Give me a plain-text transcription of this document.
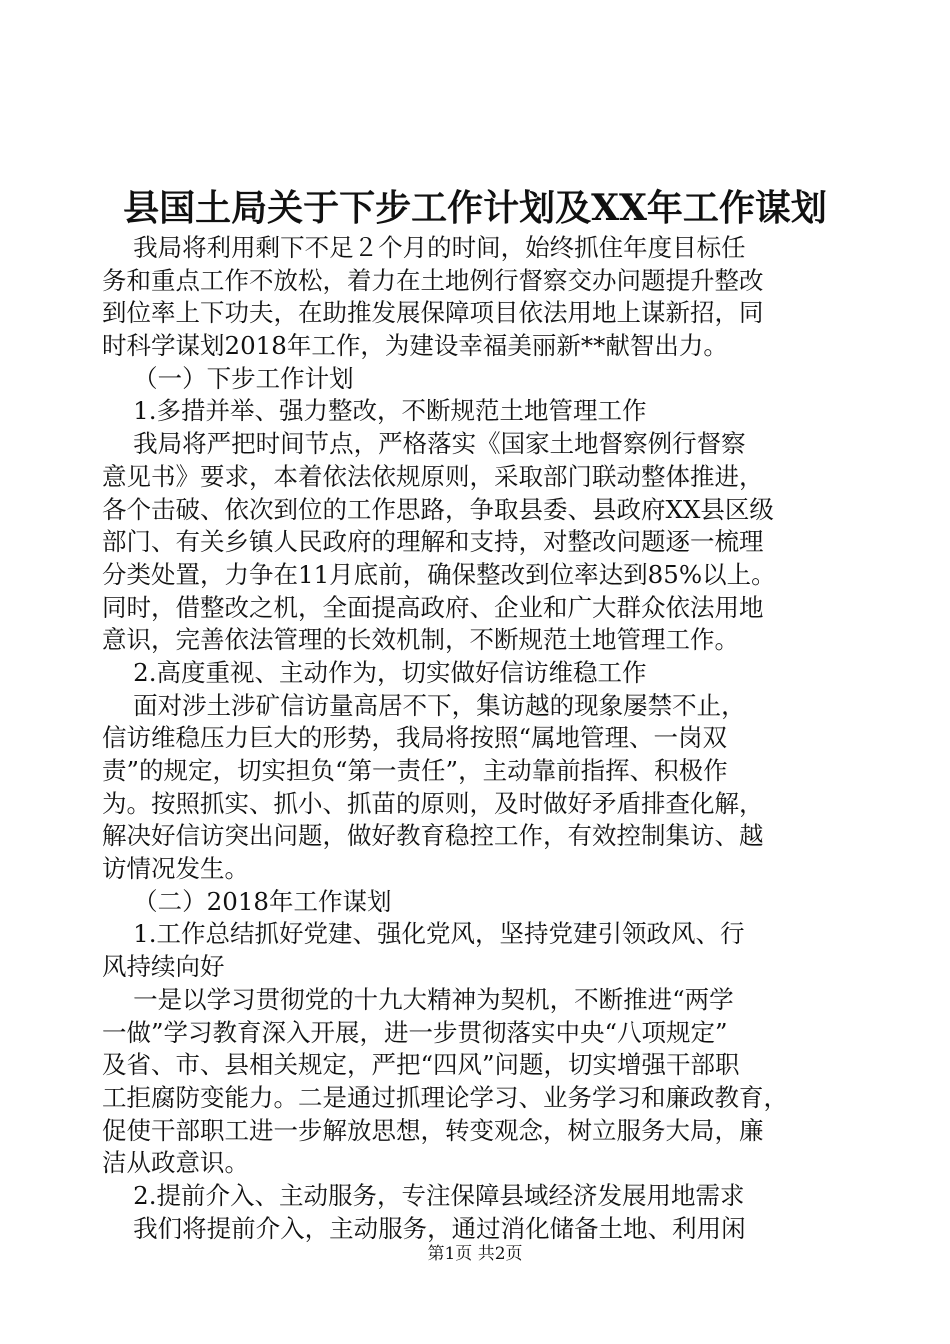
县国土局关于下步工作计划及XX年工作谋划
我局将利用剩下不足２个月的时间，始终抓住年度目标任
务和重点工作不放松，着力在土地例行督察交办问题提升整改
到位率上下功夫，在助推发展保障项目依法用地上谋新招，同
时科学谋划2018年工作，为建设幸福美丽新**献智出力。
（一）下步工作计划
1.多措并举、强力整改，不断规范土地管理工作
我局将严把时间节点，严格落实《国家土地督察例行督察
意见书》要求，本着依法依规原则，采取部门联动整体推进，
各个击破、依次到位的工作思路，争取县委、县政府XX县区级
部门、有关乡镇人民政府的理解和支持，对整改问题逐一梳理
分类处置，力争在11月底前，确保整改到位率达到85%以上。
同时，借整改之机，全面提高政府、企业和广大群众依法用地
意识，完善依法管理的长效机制，不断规范土地管理工作。
2.高度重视、主动作为，切实做好信访维稳工作
面对涉土涉矿信访量高居不下，集访越的现象屡禁不止，
信访维稳压力巨大的形势，我局将按照“属地管理、一岗双
责”的规定，切实担负“第一责任”，主动靠前指挥、积极作
为。按照抓实、抓小、抓苗的原则，及时做好矛盾排查化解，
解决好信访突出问题，做好教育稳控工作，有效控制集访、越
访情况发生。
（二）2018年工作谋划
1.工作总结抓好党建、强化党风，坚持党建引领政风、行
风持续向好
一是以学习贯彻党的十九大精神为契机，不断推进“两学
一做”学习教育深入开展，进一步贯彻落实中央“八项规定”
及省、市、县相关规定，严把“四风”问题，切实增强干部职
工拒腐防变能力。二是通过抓理论学习、业务学习和廉政教育，
促使干部职工进一步解放思想，转变观念，树立服务大局，廉
洁从政意识。
2.提前介入、主动服务，专注保障县域经济发展用地需求
我们将提前介入，主动服务，通过消化储备土地、利用闲
第1页 共2页
